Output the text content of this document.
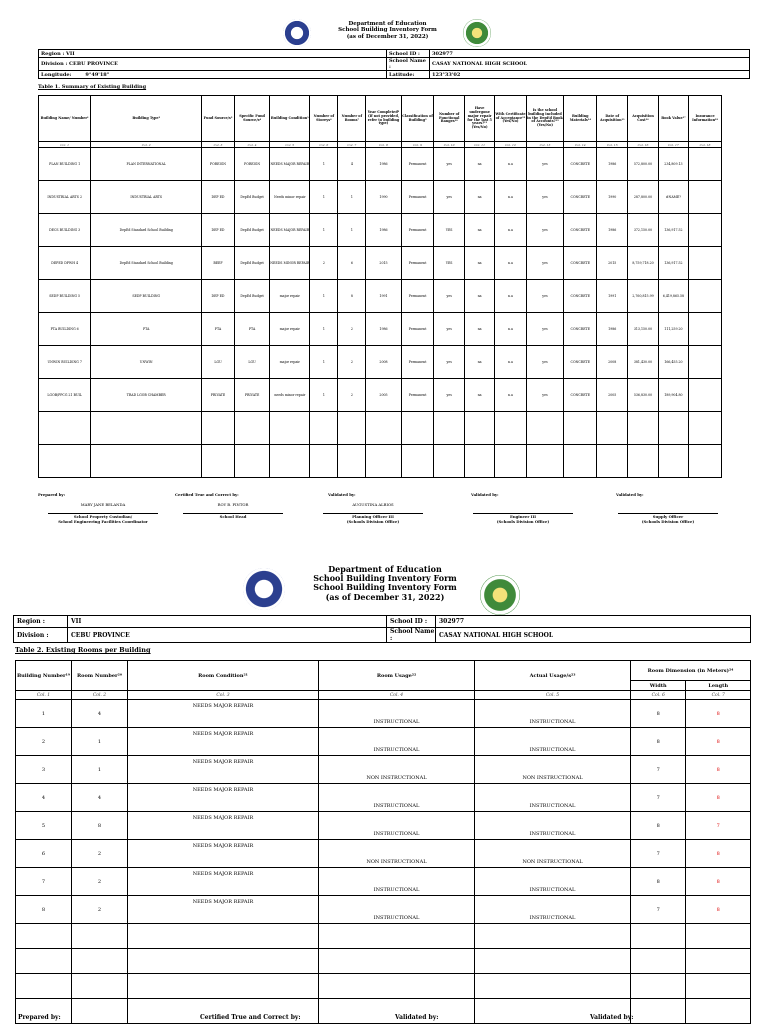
Department of Education
School Building Inventory Form
(as of December 31, 2022)
Region : VII	School ID :	302977
Division : CEBU PROVINCE	School Name :	CASAY NATIONAL HIGH SCHOOL
Longitude: 9°49'18"	Latitude:	123°33'02
Table 1. Summary of Existing Building
Building Name/ Number¹	Building Type²	Fund Source/s³	Specific Fund Source/s⁴	Building Condition⁵	Number of Storeys⁶	Number of Rooms⁷	Year Completed⁸ (If not provided, refer to building type)	Classification of Building⁹	Number of Functional Ranges¹⁰	Have undergone major repair for the last 5 years?¹¹ (Yes/No)	With Certificate of Acceptance¹² (Yes/No)	Is the school building included in the DepEd Book of Accounts?¹³ (Yes/No)	Building Materials¹⁴	Date of Acquisition¹⁵	Acquisition Cost¹⁶	Book Value¹⁷	Insurance Information¹⁸
Col. 1	Col. 2	Col. 3	Col. 4	Col. 5	Col. 6	Col. 7	Col. 8	Col. 9	Col. 10	Col. 11	Col. 12	Col. 13	Col. 14	Col. 15	Col. 16	Col. 17	Col. 18
PLAN BUILDING 1	PLAN INTERNATIONAL	FOREIGN	FOREIGN	NEEDS MAJOR REPAIR	1	4	1986	Permanent	yes	na	n.a	yes	CONCRETE	1986	572,800.00	234,809.13	
INDUSTRIAL ARTS 2	INDUSTRIAL ARTS	DEP ED	DepEd Budget	Needs minor repair	1	1	1990	Permanent	yes	na	n.a	yes	CONCRETE	1990	287,800.00	#NAME?	
DECS BUILDING 3	DepEd Standard School Building	DEP ED	DepEd Budget	NEEDS MAJOR REPAIR	1	1	1986	Permanent	YES	na	n.a	yes	CONCRETE	1986	372,150.00	136,917.52	
DEPED DPWH 4	DepEd Standard School Building	BEEF	DepEd Budget	NEEDS MINOR REPAIR	2	6	2015	Permanent	YES	na	n.a	yes	CONCRETE	2015	8,759,718.20	136,917.52	
SEDP BUILDING 5	SEDP BUILDING	DEP ED	DepEd Budget	major repair	1	8	1991	Permanent	yes	na	n.a	yes	CONCRETE	1991	2,760,815.99	6,419,865.58	
PTA BUILDING 6	PTA	PTA	PTA	major repair	1	2	1986	Permanent	yes	na	n.a	yes	CONCRETE	1986	313,150.00	111,259.20	
UNWIN BUILDING 7	UNWIN	LGU	LGU	major repair	1	2	2008	Permanent	yes	na	n.a	yes	CONCRETE	2008	381,430.00	166,455.20	
LGOB/PPCG 21 BUIL	TRAD LGOB CHAMBER	PRIVATE	PRIVATE	needs minor repair	1	2	2005	Permanent	yes	na	n.a	yes	CONCRETE	2005	536,830.00	189,904.80	

Prepared by:
MARY JANE BELANDA
School Property Custodian/
School Engineering Facilities Coordinator
Certified True and Correct by:
ROY B. PINTOR
School Head
Validated by:
AUGUSTINA ALBIOS
Planning Officer III
(Schools Division Office)
Validated by:
Engineer III
(Schools Division Office)
Validated by:
Supply Officer
(Schools Division Office)
Department of Education
School Building Inventory Form
School Building Inventory Form
(as of December 31, 2022)
Region :	VII	School ID :	302977
Division :	CEBU PROVINCE	School Name :	CASAY NATIONAL HIGH SCHOOL
Table 2. Existing Rooms per Building
Building Number¹⁹	Room Number²⁰	Room Condition²¹	Room Usage²²	Actual Usage/s²³	Room Dimension (in Meters)²⁴	
					Width	Length
Col. 1	Col. 2	Col. 3	Col. 4	Col. 5	Col. 6	Col. 7
1	4	NEEDS MAJOR REPAIR	INSTRUCTIONAL	INSTRUCTIONAL	8	8
2	1	NEEDS MAJOR REPAIR	INSTRUCTIONAL	INSTRUCTIONAL	8	8
3	1	NEEDS MAJOR REPAIR	NON INSTRUCTIONAL	NON INSTRUCTIONAL	7	8
4	4	NEEDS MAJOR REPAIR	INSTRUCTIONAL	INSTRUCTIONAL	7	8
5	8	NEEDS MAJOR REPAIR	INSTRUCTIONAL	INSTRUCTIONAL	8	7
6	2	NEEDS MAJOR REPAIR	NON INSTRUCTIONAL	NON INSTRUCTIONAL	7	8
7	2	NEEDS MAJOR REPAIR	INSTRUCTIONAL	INSTRUCTIONAL	8	8
8	2	NEEDS MAJOR REPAIR	INSTRUCTIONAL	INSTRUCTIONAL	7	8

Prepared by:	Certified True and Correct by:	Validated by:	Validated by:
